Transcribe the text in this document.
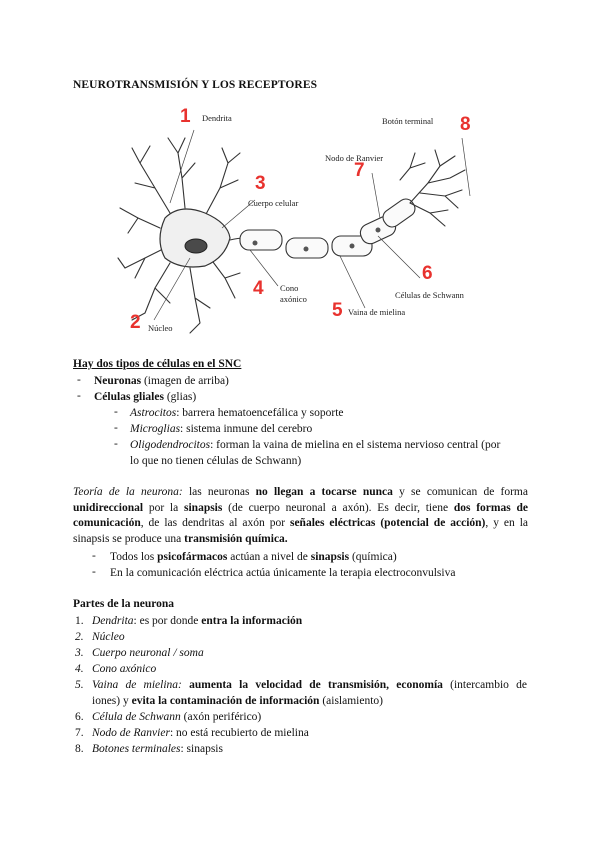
NEUROTRANSMISIÓN Y LOS RECEPTORES
Dendrita
Núcleo
Cuerpo celular
Cono
axónico
Vaina de mielina
Células de Schwann
Nodo de Ranvier
Botón terminal
1
2
3
4
5
6
7
8
Hay dos tipos de células en el SNC
- Neuronas (imagen de arriba)
- Células gliales (glias)
- Astrocitos: barrera hematoencefálica y soporte
- Microglias: sistema inmune del cerebro
- Oligodendrocitos: forman la vaina de mielina en el sistema nervioso central (por
lo que no tienen células de Schwann)
Teoría de la neurona: las neuronas no llegan a tocarse nunca y se comunican de forma
unidireccional por la sinapsis (de cuerpo neuronal a axón). Es decir, tiene dos formas de
comunicación, de las dendritas al axón por señales eléctricas (potencial de acción), y en la
sinapsis se produce una transmisión química.
- Todos los psicofármacos actúan a nivel de sinapsis (química)
- En la comunicación eléctrica actúa únicamente la terapia electroconvulsiva
Partes de la neurona
1. Dendrita: es por donde entra la información
2. Núcleo
3. Cuerpo neuronal / soma
4. Cono axónico
5. Vaina de mielina: aumenta la velocidad de transmisión, economía (intercambio de
iones) y evita la contaminación de información (aislamiento)
6. Célula de Schwann (axón periférico)
7. Nodo de Ranvier: no está recubierto de mielina
8. Botones terminales: sinapsis
